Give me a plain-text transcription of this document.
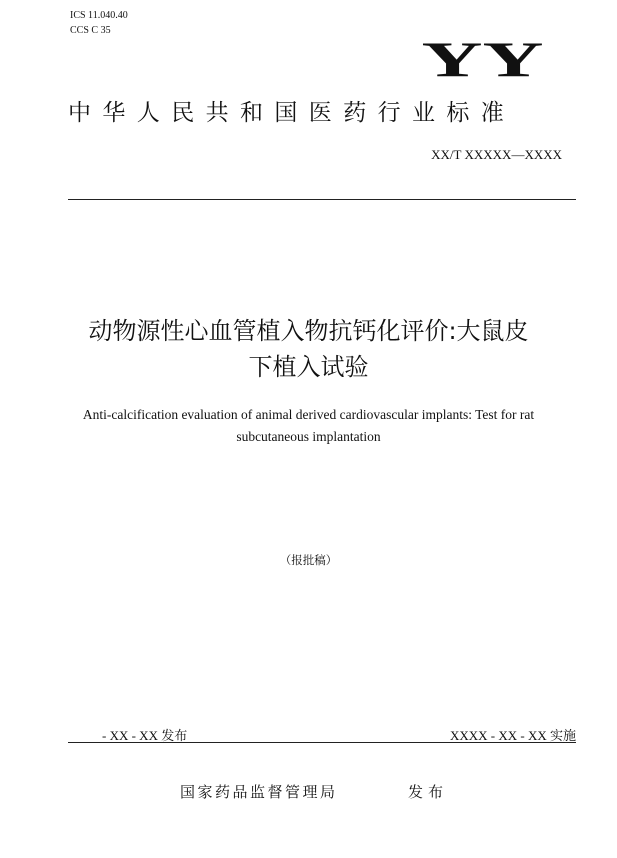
ICS 11.040.40
CCS C 35
YY
中华人民共和国医药行业标准
XX/T XXXXX—XXXX
动物源性心血管植入物抗钙化评价:大鼠皮
下植入试验
Anti-calcification evaluation of animal derived cardiovascular implants: Test for rat
subcutaneous implantation
（报批稿）
- XX - XX 发布	XXXX - XX - XX 实施
国家药品监督管理局	发布
